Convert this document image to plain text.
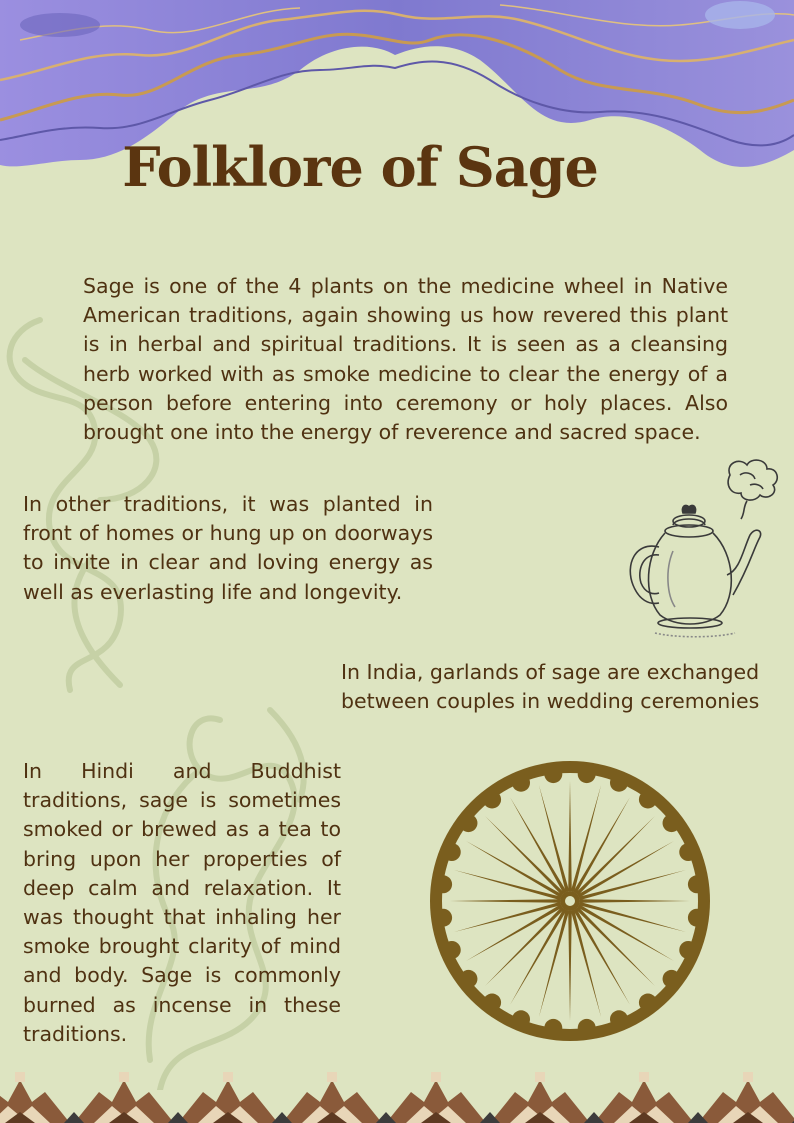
Folklore of Sage

Sage is one of the 4 plants on the medicine wheel in Native American traditions, again showing us how revered this plant is in herbal and spiritual traditions. It is seen as a cleansing herb worked with as smoke medicine to clear the energy of a person before entering into ceremony or holy places. Also brought one into the energy of reverence and sacred space.

In other traditions, it was planted in front of homes or hung up on doorways to invite in clear and loving energy as well as everlasting life and longevity.

In India, garlands of sage are exchanged between couples in wedding ceremonies

In Hindi and Buddhist traditions, sage is sometimes smoked or brewed as a tea to bring upon her properties of deep calm and relaxation. It was thought that inhaling her smoke brought clarity of mind and body. Sage is commonly burned as incense in these traditions.
